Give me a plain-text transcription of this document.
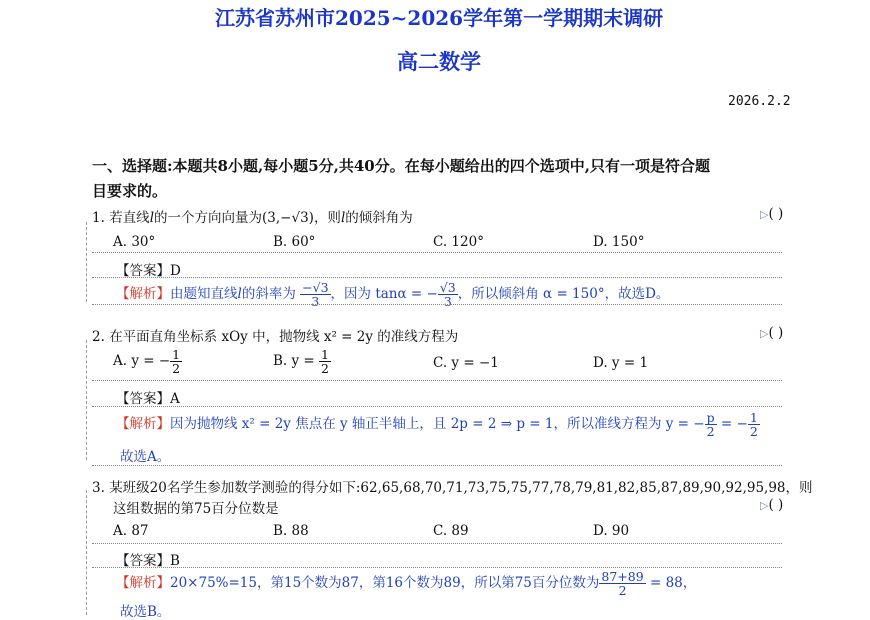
江苏省苏州市2025~2026学年第一学期期末调研
高二数学
2026.2.2
一、选择题:本题共8小题,每小题5分,共40分。在每小题给出的四个选项中,只有一项是符合题
目要求的。
1. 若直线l的一个方向向量为(3,−√3)，则l的倾斜角为	▷( )
A. 30°	B. 60°	C. 120°	D. 150°
【答案】D
【解析】由题知直线l的斜率为 $\frac{-√3}{3}$ ，因为 tanα = − $\frac{√3}{3}$ ，所以倾斜角 α = 150°，故选D。
2. 在平面直角坐标系 xOy 中，抛物线 x² = 2y 的准线方程为	▷( )
A. y = − $\frac{1}{2}$	B. $y = \frac{1}{2}$	C. y = −1	D. y = 1
【答案】A
【解析】因为抛物线 x² = 2y 焦点在 y 轴正半轴上，且 2p = 2 ⇒ p = 1，所以准线方程为 y = − $\frac{p}{2}$ = − $\frac{1}{2}$
故选A。
3. 某班级20名学生参加数学测验的得分如下:62,65,68,70,71,73,75,75,77,78,79,81,82,85,87,89,90,92,95,98，则
这组数据的第75百分位数是	▷( )
A. 87	B. 88	C. 89	D. 90
【答案】B
【解析】20×75%=15，第15个数为87，第16个数为89，所以第75百分位数为 $\frac{87+89}{2} = 88$，
故选B。
